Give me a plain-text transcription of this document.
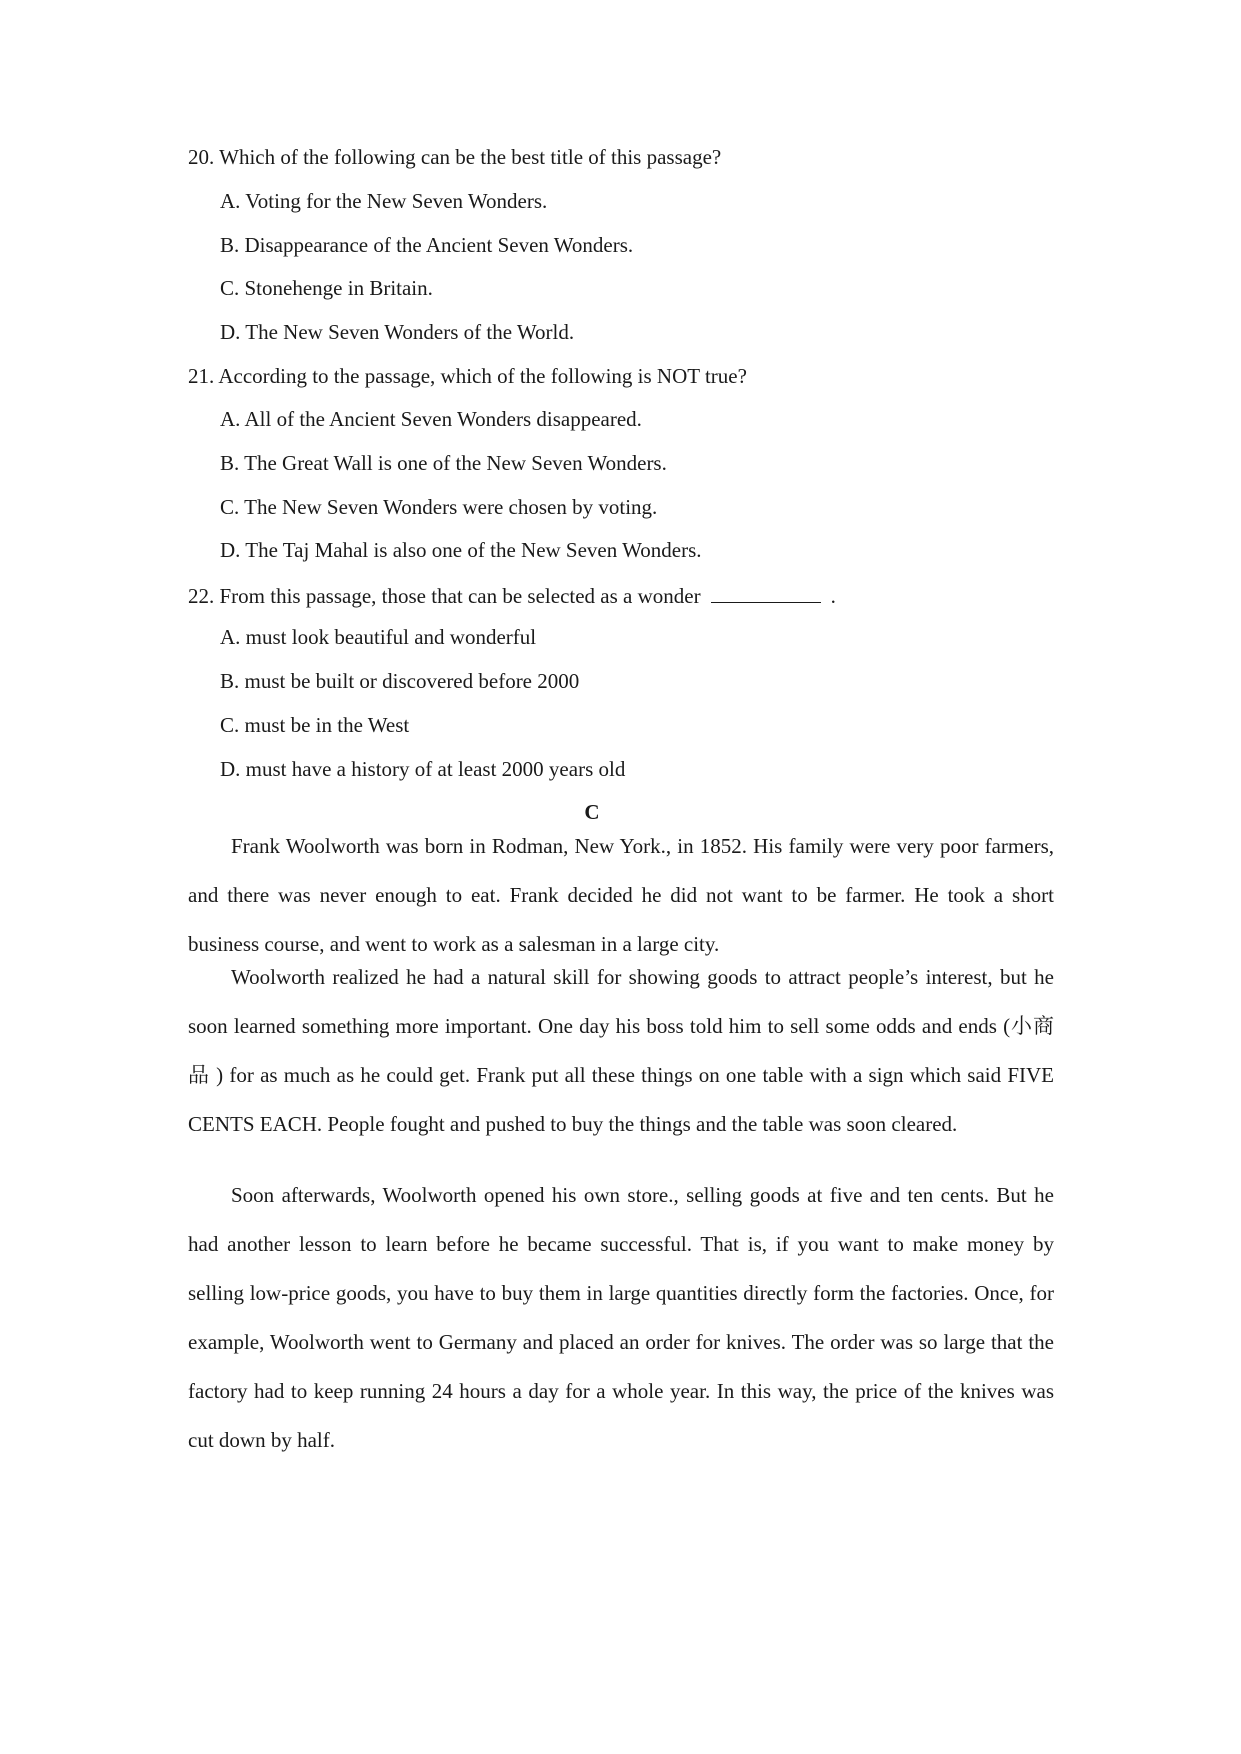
20. Which of the following can be the best title of this passage?
A. Voting for the New Seven Wonders.
B. Disappearance of the Ancient Seven Wonders.
C. Stonehenge in Britain.
D. The New Seven Wonders of the World.
21. According to the passage, which of the following is NOT true?
A. All of the Ancient Seven Wonders disappeared.
B. The Great Wall is one of the New Seven Wonders.
C. The New Seven Wonders were chosen by voting.
D. The Taj Mahal is also one of the New Seven Wonders.
22. From this passage, those that can be selected as a wonder	.
A. must look beautiful and wonderful
B. must be built or discovered before 2000
C. must be in the West
D. must have a history of at least 2000 years old
C

Frank Woolworth was born in Rodman, New York., in 1852. His family were very poor farmers, and there was never enough to eat. Frank decided he did not want to be farmer. He took a short business course, and went to work as a salesman in a large city.

Woolworth realized he had a natural skill for showing goods to attract people’s interest, but he soon learned something more important. One day his boss told him to sell some odds and ends (小商品 ) for as much as he could get. Frank put all these things on one table with a sign which said FIVE CENTS EACH. People fought and pushed to buy the things and the table was soon cleared.

Soon afterwards, Woolworth opened his own store., selling goods at five and ten cents. But he had another lesson to learn before he became successful. That is, if you want to make money by selling low-price goods, you have to buy them in large quantities directly form the factories. Once, for example, Woolworth went to Germany and placed an order for knives. The order was so large that the factory had to keep running 24 hours a day for a whole year. In this way, the price of the knives was cut down by half.
